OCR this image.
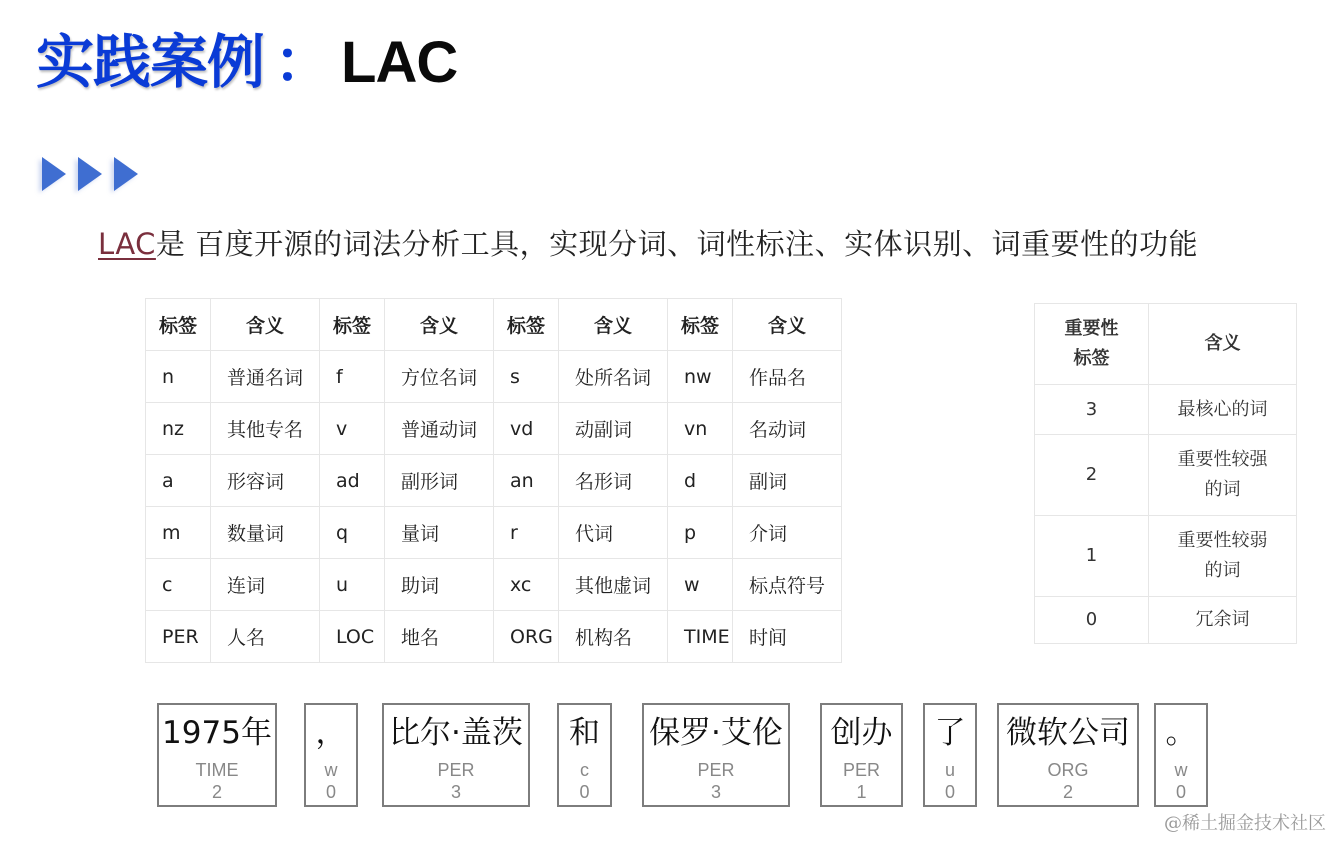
实践案例 ： LAC
LAC是 百度开源的词法分析工具，实现分词、词性标注、实体识别、词重要性的功能
标签	含义	标签	含义	标签	含义	标签	含义
n	普通名词	f	方位名词	s	处所名词	nw	作品名
nz	其他专名	v	普通动词	vd	动副词	vn	名动词
a	形容词	ad	副形词	an	名形词	d	副词
m	数量词	q	量词	r	代词	p	介词
c	连词	u	助词	xc	其他虚词	w	标点符号
PER	人名	LOC	地名	ORG	机构名	TIME	时间
重要性
标签	含义
3	最核心的词

2	重要性较强
的词

1	重要性较弱
的词

0	冗余词
1975年
TIME
2
，
w
0
比尔·盖茨
PER
3
和
c
0
保罗·艾伦
PER
3
创办
PER
1
了
u
0
微软公司
ORG
2
。
w
0
@稀土掘金技术社区
